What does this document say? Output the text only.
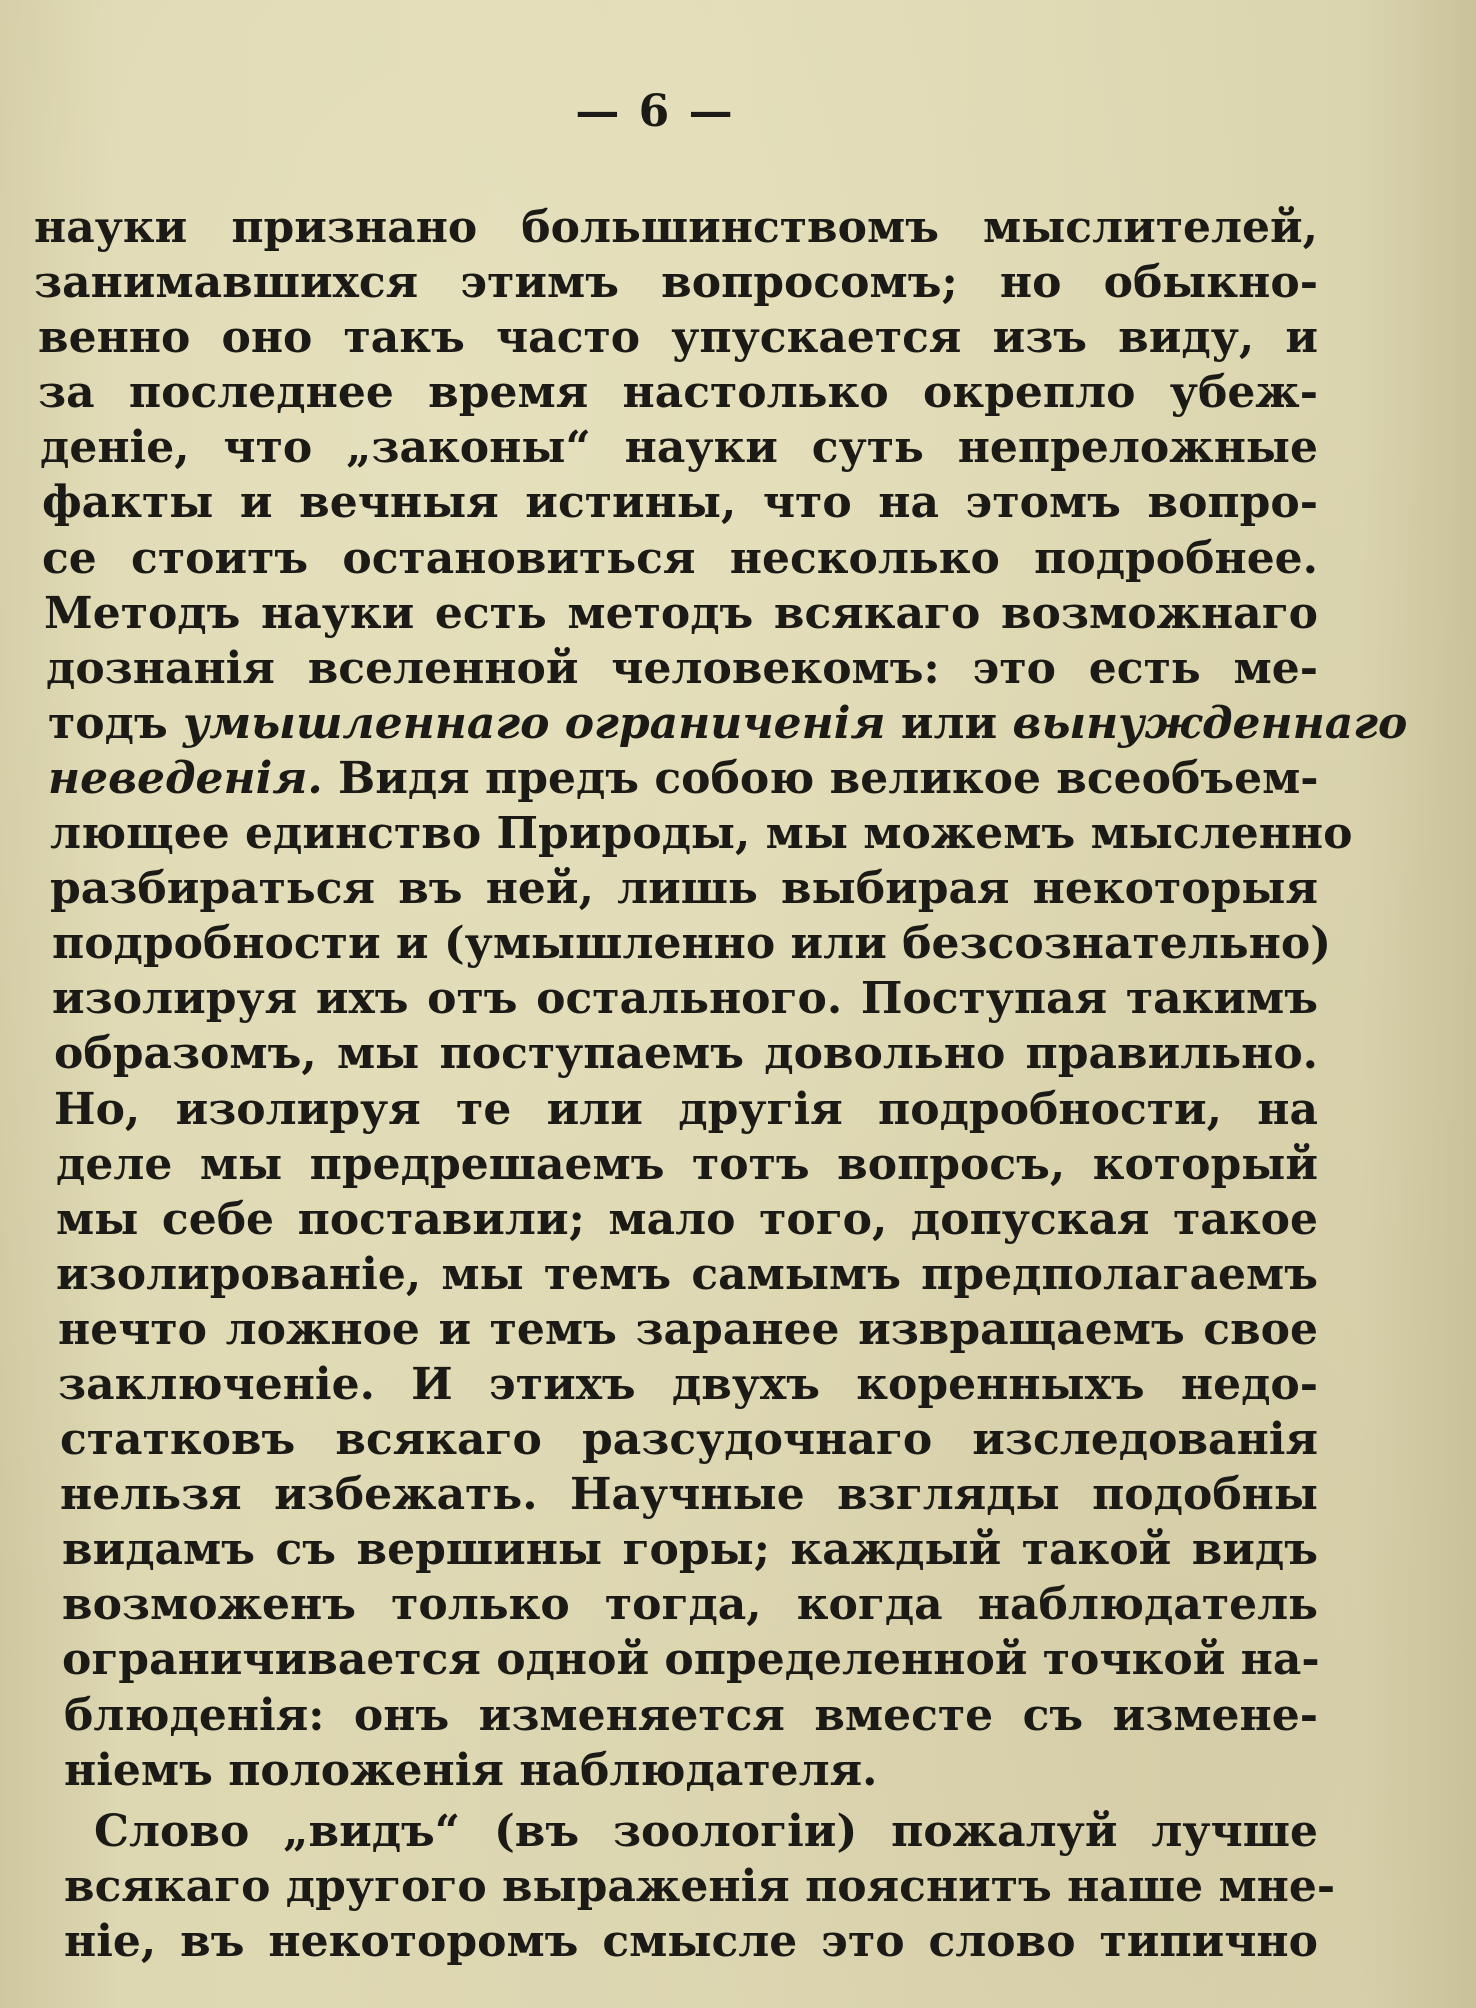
— 6 —
науки признано большинствомъ мыслителей,
занимавшихся этимъ вопросомъ; но обыкно-
венно оно такъ часто упускается изъ виду, и
за последнее время настолько окрепло убеж-
деніе, что „законы“ науки суть непреложные
факты и вечныя истины, что на этомъ вопро-
се стоитъ остановиться несколько подробнее.
Методъ науки есть методъ всякаго возможнаго
дознанія вселенной человекомъ: это есть ме-
тодъ умышленнаго ограниченія или вынужденнаго
неведенія. Видя предъ собою великое всеобъем-
лющее единство Природы, мы можемъ мысленно
разбираться въ ней, лишь выбирая некоторыя
подробности и (умышленно или безсознательно)
изолируя ихъ отъ остального. Поступая такимъ
образомъ, мы поступаемъ довольно правильно.
Но, изолируя те или другія подробности, на
деле мы предрешаемъ тотъ вопросъ, который
мы себе поставили; мало того, допуская такое
изолированіе, мы темъ самымъ предполагаемъ
нечто ложное и темъ заранее извращаемъ свое
заключеніе. И этихъ двухъ коренныхъ недо-
статковъ всякаго разсудочнаго изследованія
нельзя избежать. Научные взгляды подобны
видамъ съ вершины горы; каждый такой видъ
возможенъ только тогда, когда наблюдатель
ограничивается одной определенной точкой на-
блюденія: онъ изменяется вместе съ измене-
ніемъ положенія наблюдателя.
Слово „видъ“ (въ зоологіи) пожалуй лучше
всякаго другого выраженія пояснитъ наше мне-
ніе, въ некоторомъ смысле это слово типично
